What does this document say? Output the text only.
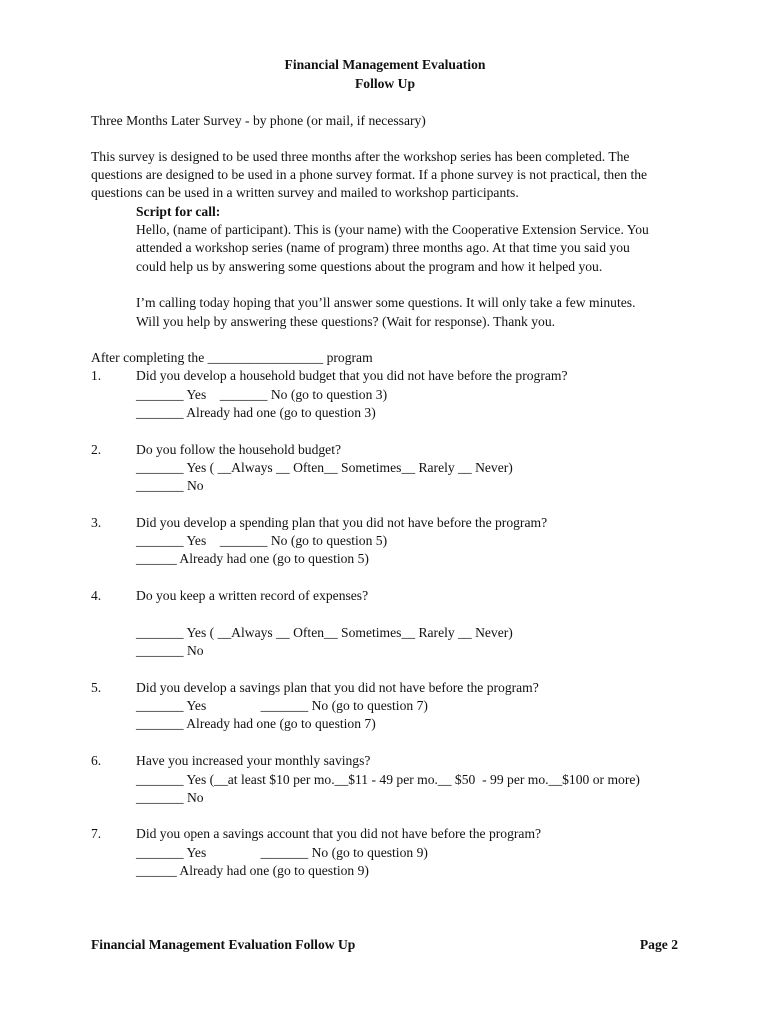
Financial Management Evaluation
Follow Up
Three Months Later Survey - by phone (or mail, if necessary)
This survey is designed to be used three months after the workshop series has been completed. The
questions are designed to be used in a phone survey format. If a phone survey is not practical, then the
questions can be used in a written survey and mailed to workshop participants.
Script for call:
Hello, (name of participant). This is (your name) with the Cooperative Extension Service. You
attended a workshop series (name of program) three months ago. At that time you said you
could help us by answering some questions about the program and how it helped you.
I’m calling today hoping that you’ll answer some questions. It will only take a few minutes.
Will you help by answering these questions? (Wait for response). Thank you.
After completing the _________________ program
1.	Did you develop a household budget that you did not have before the program?
_______ Yes    _______ No (go to question 3)
_______ Already had one (go to question 3)
2.	Do you follow the household budget?
_______ Yes ( __Always __ Often__ Sometimes__ Rarely __ Never)
_______ No
3.	Did you develop a spending plan that you did not have before the program?
_______ Yes    _______ No (go to question 5)
______ Already had one (go to question 5)
4.	Do you keep a written record of expenses?
_______ Yes ( __Always __ Often__ Sometimes__ Rarely __ Never)
_______ No
5.	Did you develop a savings plan that you did not have before the program?
_______ Yes                _______ No (go to question 7)
_______ Already had one (go to question 7)
6.	Have you increased your monthly savings?
_______ Yes (__at least $10 per mo.__$11 - 49 per mo.__ $50  - 99 per mo.__$100 or more)
_______ No
7.	Did you open a savings account that you did not have before the program?
_______ Yes                _______ No (go to question 9)
______ Already had one (go to question 9)
Financial Management Evaluation Follow Up	Page 2
